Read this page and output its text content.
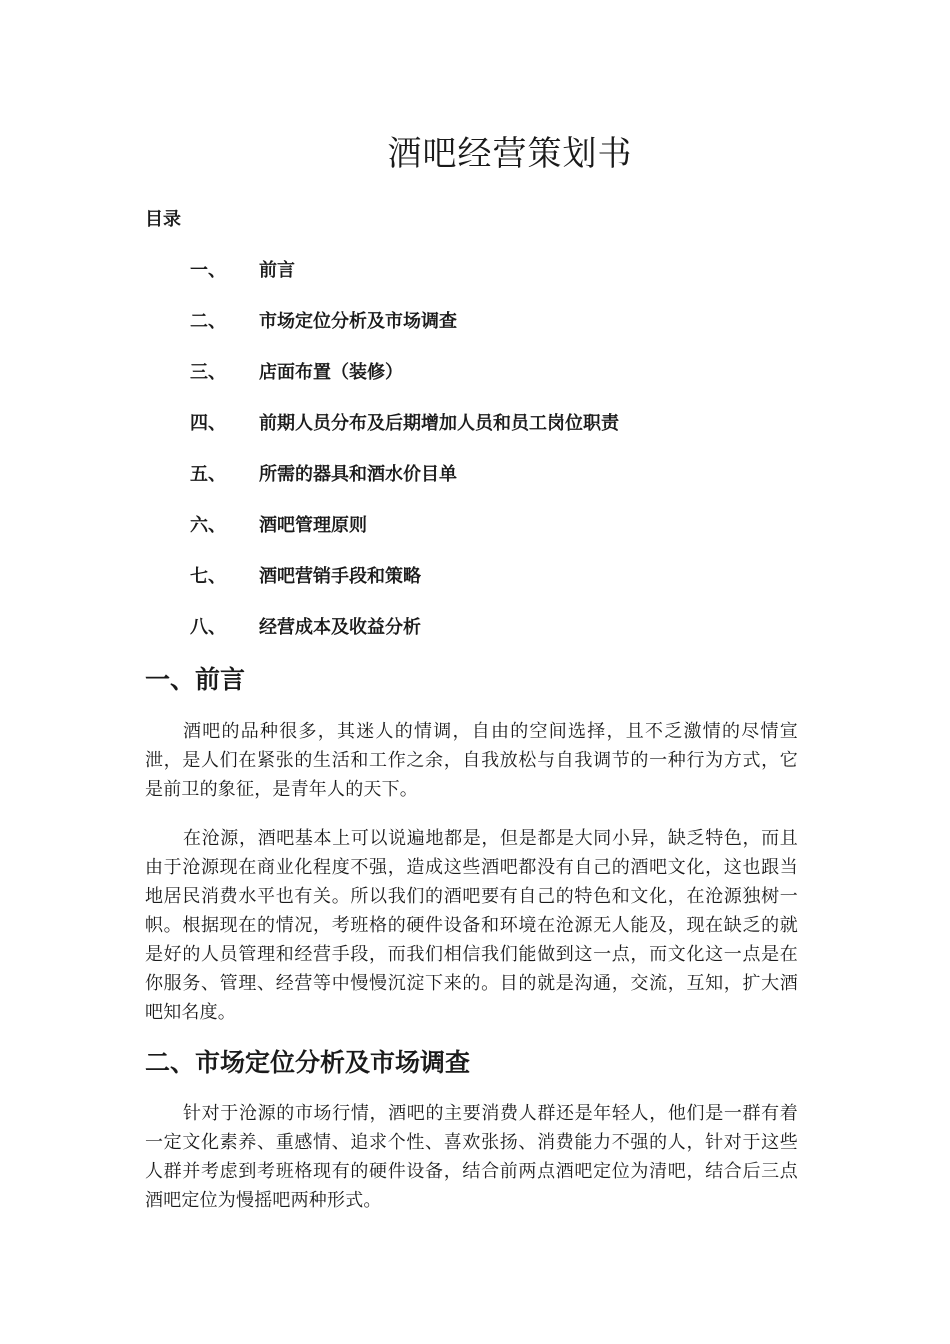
酒吧经营策划书
目录
一、 前言
二、 市场定位分析及市场调查
三、 店面布置（装修）
四、 前期人员分布及后期增加人员和员工岗位职责
五、 所需的器具和酒水价目单
六、 酒吧管理原则
七、 酒吧营销手段和策略
八、 经营成本及收益分析
一、前言

酒吧的品种很多，其迷人的情调，自由的空间选择，且不乏激情的尽情宣泄，是人们在紧张的生活和工作之余，自我放松与自我调节的一种行为方式，它是前卫的象征，是青年人的天下。

在沧源，酒吧基本上可以说遍地都是，但是都是大同小异，缺乏特色，而且由于沧源现在商业化程度不强，造成这些酒吧都没有自己的酒吧文化，这也跟当地居民消费水平也有关。所以我们的酒吧要有自己的特色和文化，在沧源独树一帜。根据现在的情况，考班格的硬件设备和环境在沧源无人能及，现在缺乏的就是好的人员管理和经营手段，而我们相信我们能做到这一点，而文化这一点是在你服务、管理、经营等中慢慢沉淀下来的。目的就是沟通，交流，互知，扩大酒吧知名度。

二、市场定位分析及市场调查

针对于沧源的市场行情，酒吧的主要消费人群还是年轻人，他们是一群有着一定文化素养、重感情、追求个性、喜欢张扬、消费能力不强的人，针对于这些人群并考虑到考班格现有的硬件设备，结合前两点酒吧定位为清吧，结合后三点酒吧定位为慢摇吧两种形式。
